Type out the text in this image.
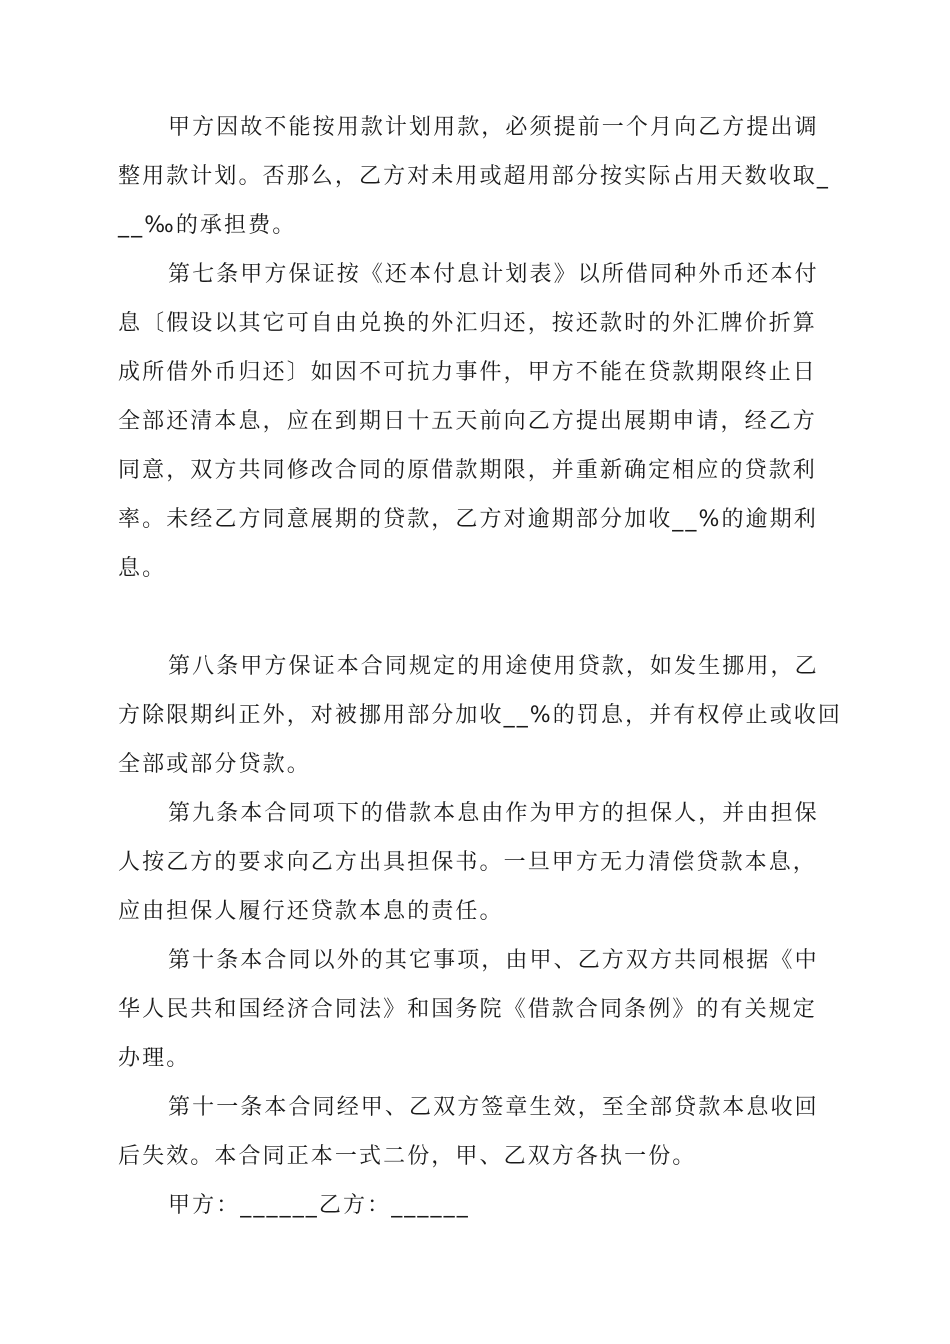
甲方因故不能按用款计划用款，必须提前一个月向乙方提出调
整用款计划。否那么，乙方对未用或超用部分按实际占用天数收取_
__‰的承担费。

第七条甲方保证按《还本付息计划表》以所借同种外币还本付
息〔假设以其它可自由兑换的外汇归还，按还款时的外汇牌价折算
成所借外币归还〕如因不可抗力事件，甲方不能在贷款期限终止日
全部还清本息，应在到期日十五天前向乙方提出展期申请，经乙方
同意，双方共同修改合同的原借款期限，并重新确定相应的贷款利
率。未经乙方同意展期的贷款，乙方对逾期部分加收__%的逾期利息。

第八条甲方保证本合同规定的用途使用贷款，如发生挪用，乙
方除限期纠正外，对被挪用部分加收__%的罚息，并有权停止或收回
全部或部分贷款。

第九条本合同项下的借款本息由作为甲方的担保人，并由担保
人按乙方的要求向乙方出具担保书。一旦甲方无力清偿贷款本息，
应由担保人履行还贷款本息的责任。

第十条本合同以外的其它事项，由甲、乙方双方共同根据《中
华人民共和国经济合同法》和国务院《借款合同条例》的有关规定
办理。

第十一条本合同经甲、乙双方签章生效，至全部贷款本息收回
后失效。本合同正本一式二份，甲、乙双方各执一份。

甲方：______乙方：______
